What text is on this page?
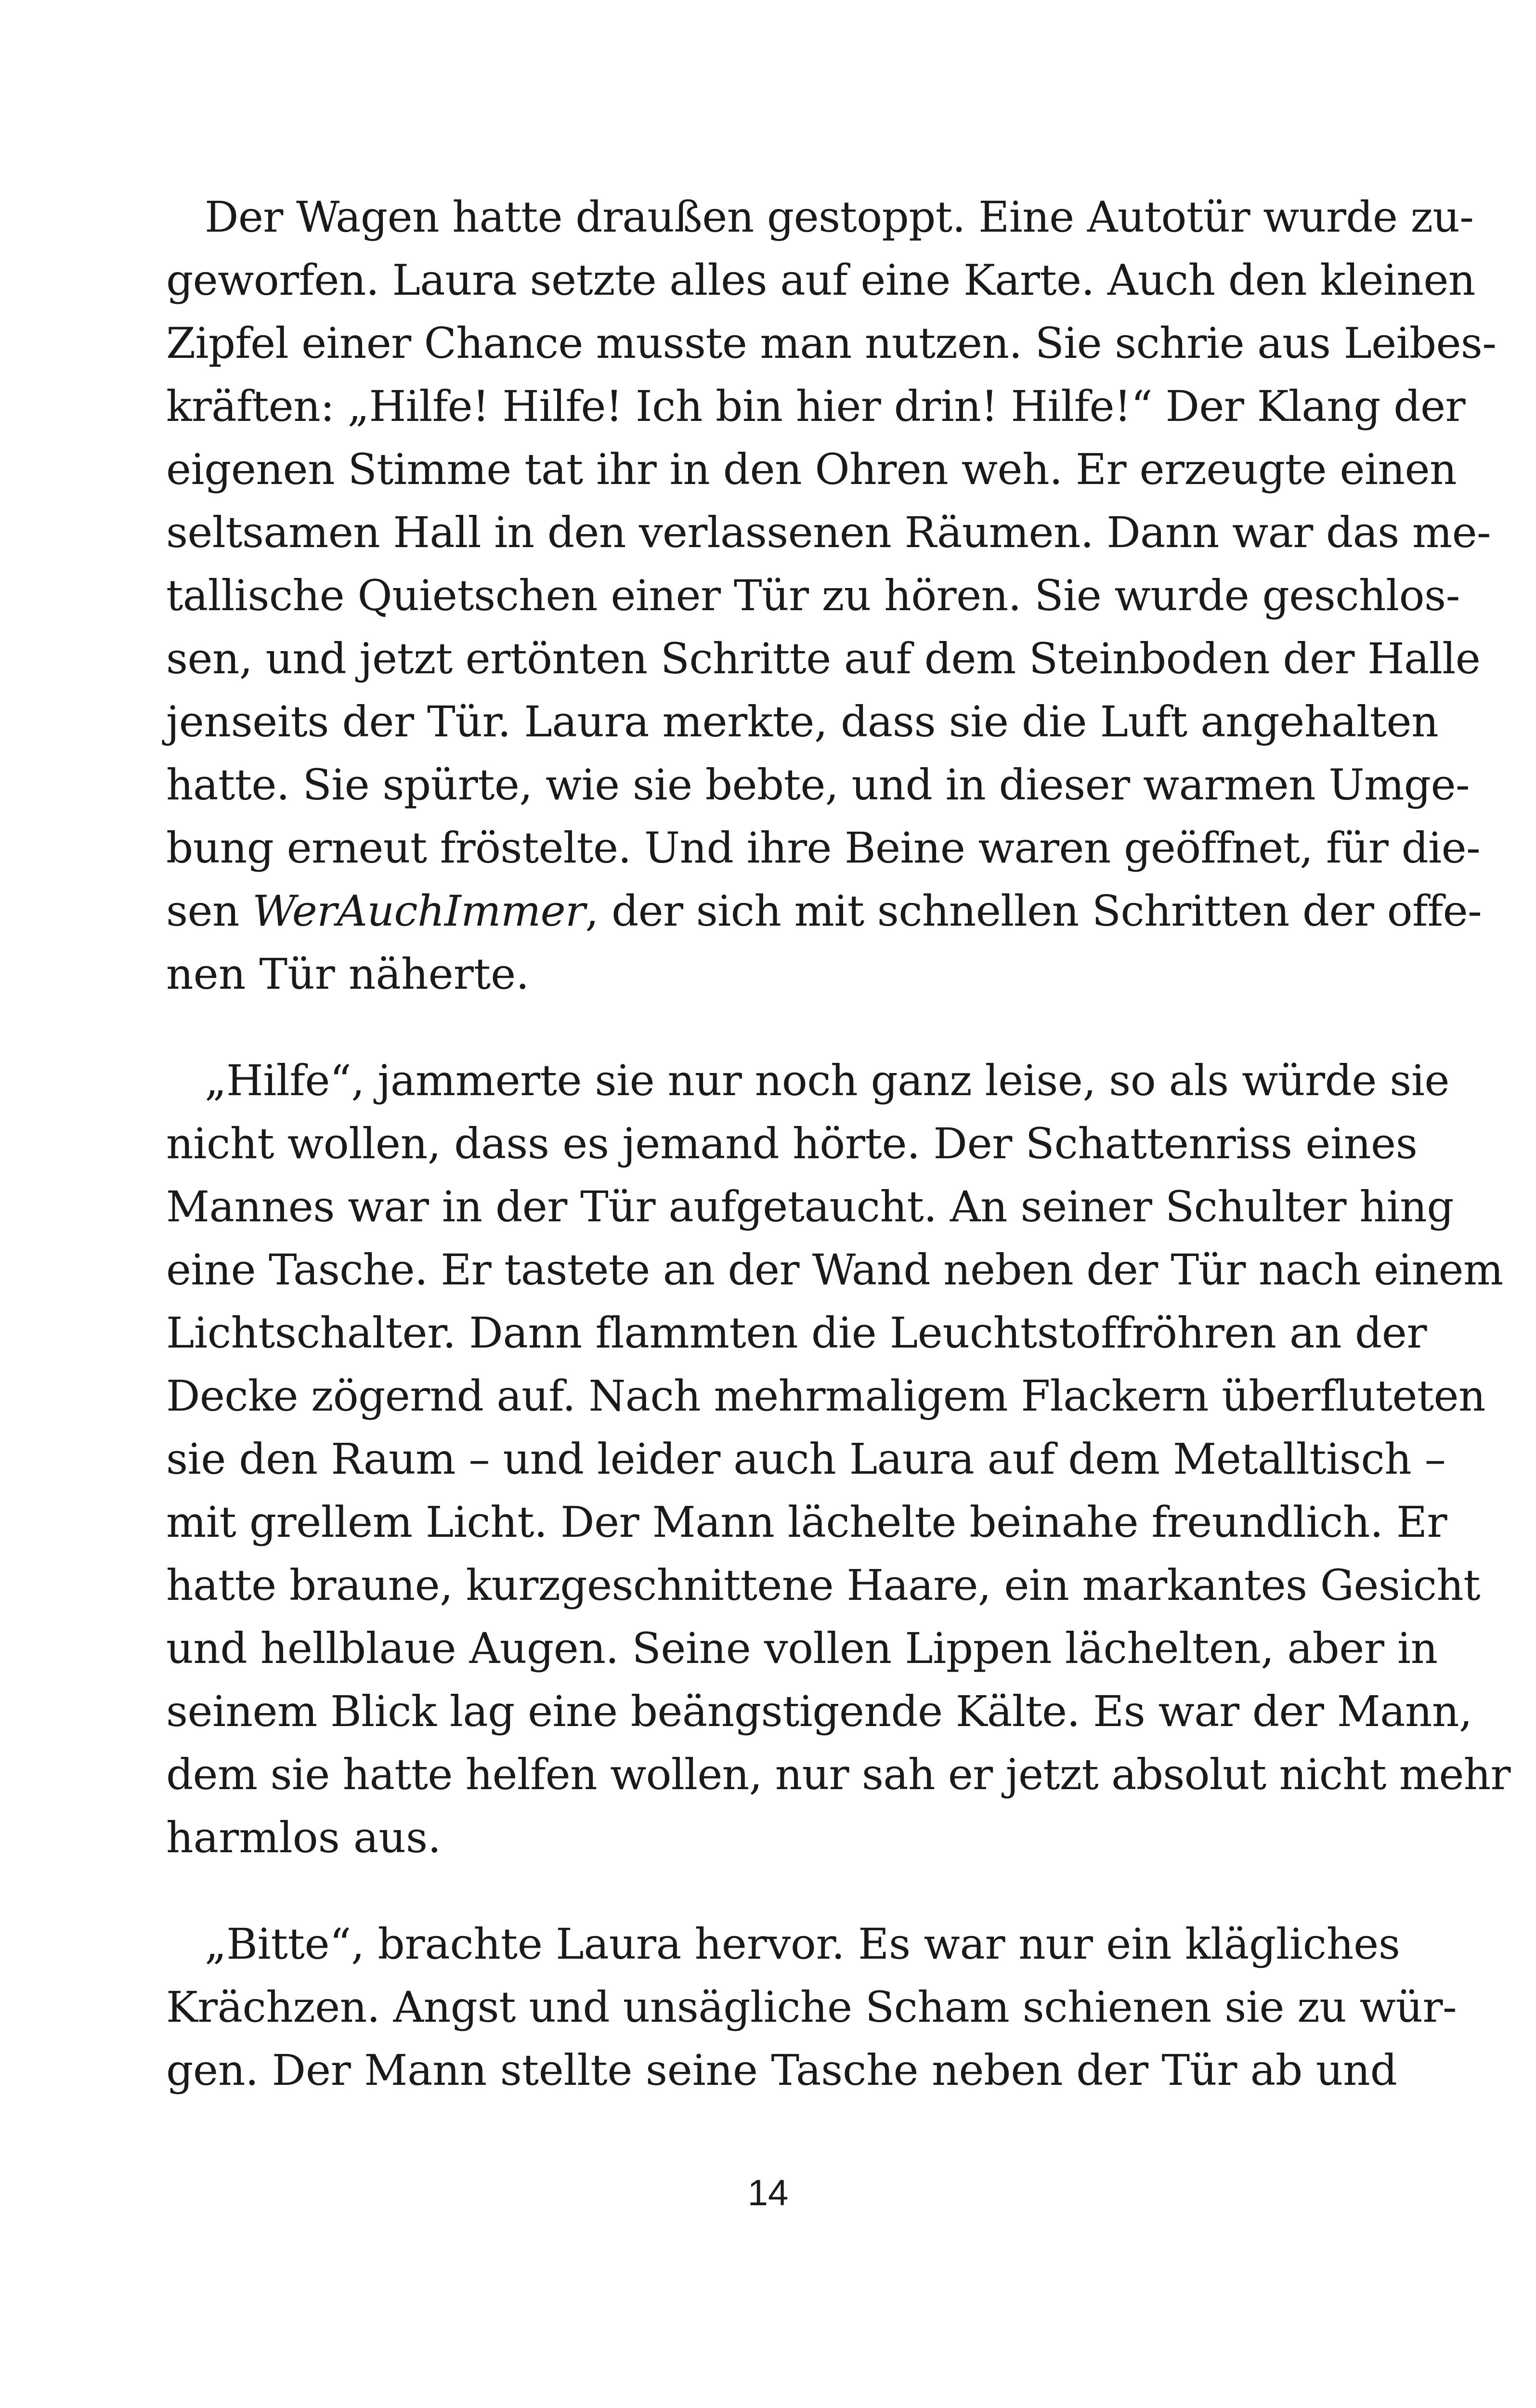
Der Wagen hatte draußen gestoppt. Eine Autotür wurde zu-
geworfen. Laura setzte alles auf eine Karte. Auch den kleinen
Zipfel einer Chance musste man nutzen. Sie schrie aus Leibes-
kräften: „Hilfe! Hilfe! Ich bin hier drin! Hilfe!“ Der Klang der
eigenen Stimme tat ihr in den Ohren weh. Er erzeugte einen
seltsamen Hall in den verlassenen Räumen. Dann war das me-
tallische Quietschen einer Tür zu hören. Sie wurde geschlos-
sen, und jetzt ertönten Schritte auf dem Steinboden der Halle
jenseits der Tür. Laura merkte, dass sie die Luft angehalten
hatte. Sie spürte, wie sie bebte, und in dieser warmen Umge-
bung erneut fröstelte. Und ihre Beine waren geöffnet, für die-
sen WerAuchImmer, der sich mit schnellen Schritten der offe-
nen Tür näherte.
„Hilfe“, jammerte sie nur noch ganz leise, so als würde sie
nicht wollen, dass es jemand hörte. Der Schattenriss eines
Mannes war in der Tür aufgetaucht. An seiner Schulter hing
eine Tasche. Er tastete an der Wand neben der Tür nach einem
Lichtschalter. Dann flammten die Leuchtstoffröhren an der
Decke zögernd auf. Nach mehrmaligem Flackern überfluteten
sie den Raum – und leider auch Laura auf dem Metalltisch –
mit grellem Licht. Der Mann lächelte beinahe freundlich. Er
hatte braune, kurzgeschnittene Haare, ein markantes Gesicht
und hellblaue Augen. Seine vollen Lippen lächelten, aber in
seinem Blick lag eine beängstigende Kälte. Es war der Mann,
dem sie hatte helfen wollen, nur sah er jetzt absolut nicht mehr
harmlos aus.
„Bitte“, brachte Laura hervor. Es war nur ein klägliches
Krächzen. Angst und unsägliche Scham schienen sie zu wür-
gen. Der Mann stellte seine Tasche neben der Tür ab und
14
